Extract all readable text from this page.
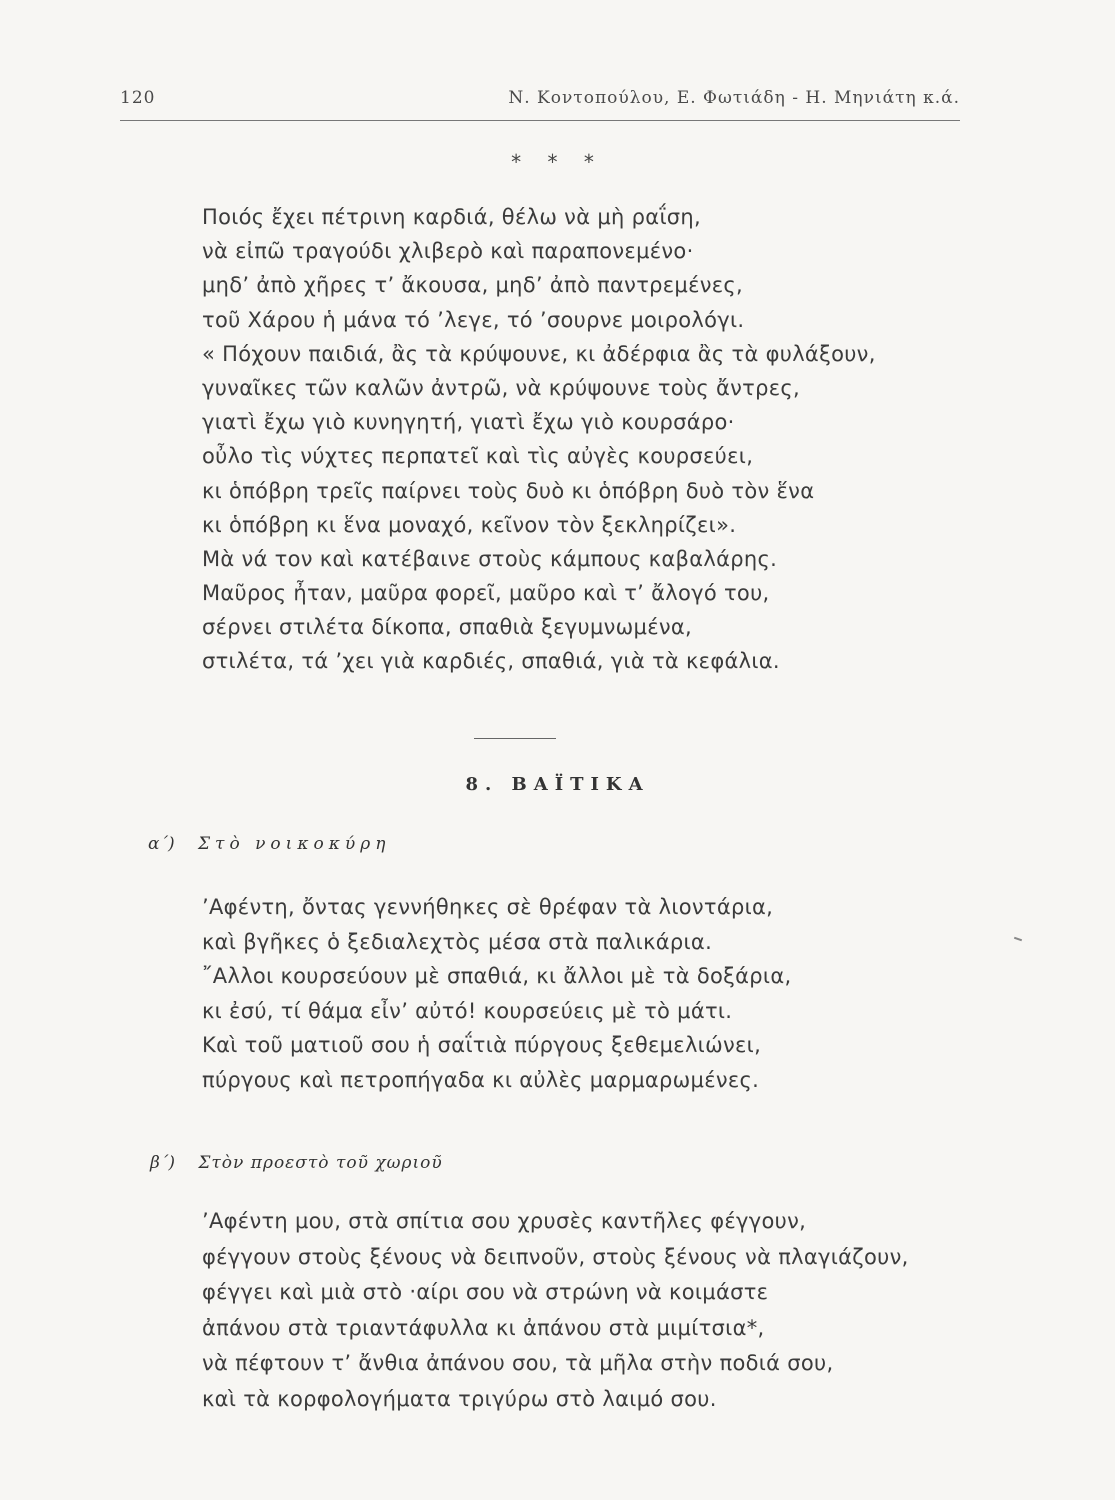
120	Ν. Κοντοπούλου, Ε. Φωτιάδη - Η. Μηνιάτη κ.ά.
* * *
Ποιός ἔχει πέτρινη καρδιά, θέλω νὰ μὴ ραΐση,
νὰ εἰπῶ τραγούδι χλιβερὸ καὶ παραπονεμένο·
μηδ’ ἀπὸ χῆρες τ’ ἄκουσα, μηδ’ ἀπὸ παντρεμένες,
τοῦ Χάρου ἡ μάνα τό ’λεγε, τό ’σουρνε μοιρολόγι.
« Πόχουν παιδιά, ἂς τὰ κρύψουνε, κι ἀδέρφια ἂς τὰ φυλάξουν,
γυναῖκες τῶν καλῶν ἀντρῶ, νὰ κρύψουνε τοὺς ἄντρες,
γιατὶ ἔχω γιὸ κυνηγητή, γιατὶ ἔχω γιὸ κουρσάρο·
οὖλο τὶς νύχτες περπατεῖ καὶ τὶς αὐγὲς κουρσεύει,
κι ὁπόβρη τρεῖς παίρνει τοὺς δυὸ κι ὁπόβρη δυὸ τὸν ἕνα
κι ὁπόβρη κι ἕνα μοναχό, κεῖνον τὸν ξεκληρίζει».
Μὰ νά τον καὶ κατέβαινε στοὺς κάμπους καβαλάρης.
Μαῦρος ἦταν, μαῦρα φορεῖ, μαῦρο καὶ τ’ ἄλογό του,
σέρνει στιλέτα δίκοπα, σπαθιὰ ξεγυμνωμένα,
στιλέτα, τά ’χει γιὰ καρδιές, σπαθιά, γιὰ τὰ κεφάλια.
8. ΒΑΪΤΙΚΑ
α΄) Στὸ νοικοκύρη
’Αφέντη, ὄντας γεννήθηκες σὲ θρέφαν τὰ λιοντάρια,
καὶ βγῆκες ὁ ξεδιαλεχτὸς μέσα στὰ παλικάρια.
῎Αλλοι κουρσεύουν μὲ σπαθιά, κι ἄλλοι μὲ τὰ δοξάρια,
κι ἐσύ, τί θάμα εἶν’ αὐτό! κουρσεύεις μὲ τὸ μάτι.
Καὶ τοῦ ματιοῦ σου ἡ σαΐτιὰ πύργους ξεθεμελιώνει,
πύργους καὶ πετροπήγαδα κι αὐλὲς μαρμαρωμένες.
β΄) Στὸν προεστὸ τοῦ χωριοῦ
’Αφέντη μου, στὰ σπίτια σου χρυσὲς καντῆλες φέγγουν,
φέγγουν στοὺς ξένους νὰ δειπνοῦν, στοὺς ξένους νὰ πλαγιάζουν,
φέγγει καὶ μιὰ στὸ ‧αίρι σου νὰ στρώνη νὰ κοιμάστε
ἀπάνου στὰ τριαντάφυλλα κι ἀπάνου στὰ μιμίτσια*,
νὰ πέφτουν τ’ ἄνθια ἀπάνου σου, τὰ μῆλα στὴν ποδιά σου,
καὶ τὰ κορφολογήματα τριγύρω στὸ λαιμό σου.
